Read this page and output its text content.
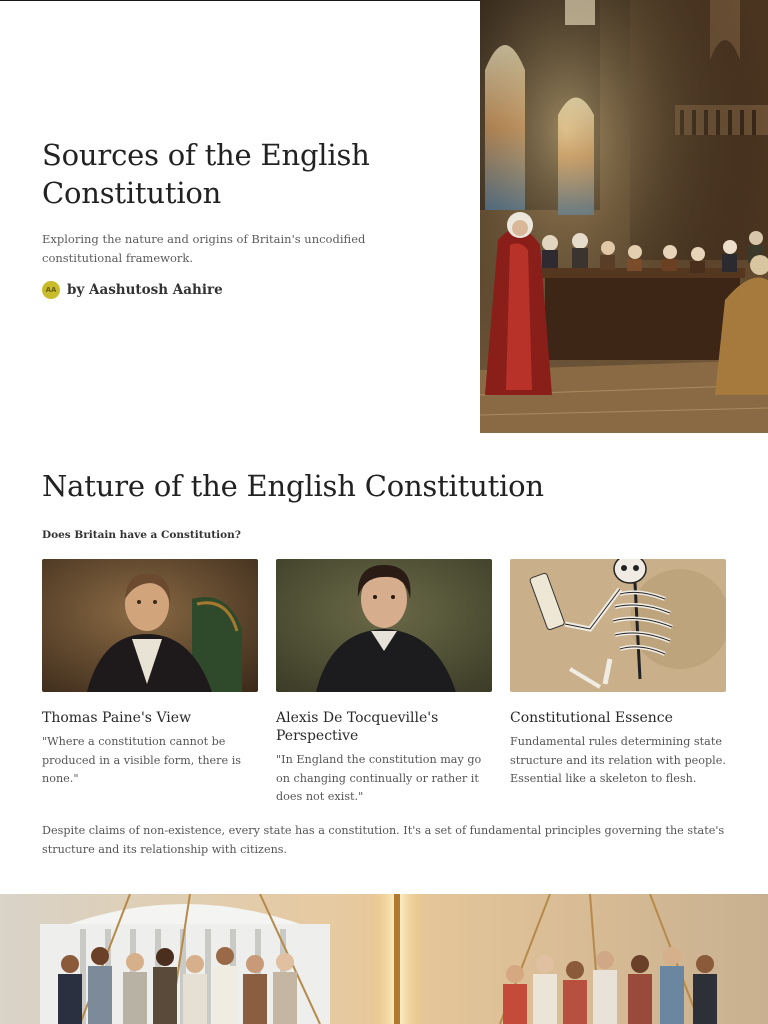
Sources of the English Constitution

Exploring the nature and origins of Britain's uncodified constitutional framework.

AA by Aashutosh Aahire
Nature of the English Constitution

Does Britain have a Constitution?

Thomas Paine's View

"Where a constitution cannot be produced in a visible form, there is none."

Alexis De Tocqueville's Perspective

"In England the constitution may go on changing continually or rather it does not exist."

Constitutional Essence

Fundamental rules determining state structure and its relation with people. Essential like a skeleton to flesh.

Despite claims of non-existence, every state has a constitution. It's a set of fundamental principles governing the state's structure and its relationship with citizens.
